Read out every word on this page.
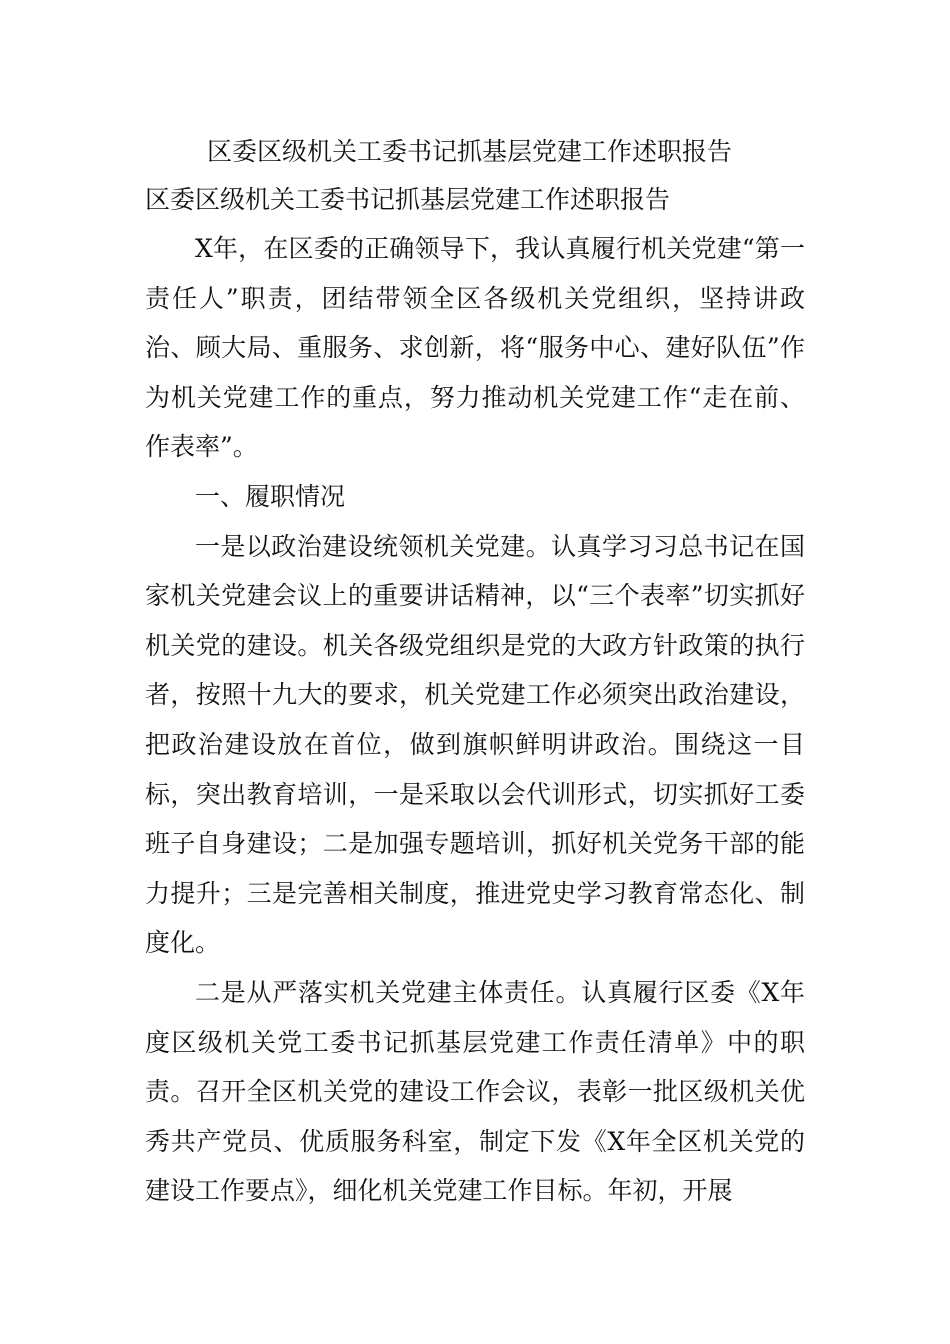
区委区级机关工委书记抓基层党建工作述职报告

区委区级机关工委书记抓基层党建工作述职报告

X年，在区委的正确领导下，我认真履行机关党建“第一责任人”职责，团结带领全区各级机关党组织，坚持讲政治、顾大局、重服务、求创新，将“服务中心、建好队伍”作为机关党建工作的重点，努力推动机关党建工作“走在前、作表率”。

一、履职情况

一是以政治建设统领机关党建。认真学习习总书记在国家机关党建会议上的重要讲话精神，以“三个表率”切实抓好机关党的建设。机关各级党组织是党的大政方针政策的执行者，按照十九大的要求，机关党建工作必须突出政治建设，把政治建设放在首位，做到旗帜鲜明讲政治。围绕这一目标，突出教育培训，一是采取以会代训形式，切实抓好工委班子自身建设；二是加强专题培训，抓好机关党务干部的能力提升；三是完善相关制度，推进党史学习教育常态化、制度化。

二是从严落实机关党建主体责任。认真履行区委《X年度区级机关党工委书记抓基层党建工作责任清单》中的职责。召开全区机关党的建设工作会议，表彰一批区级机关优秀共产党员、优质服务科室，制定下发《X年全区机关党的建设工作要点》，细化机关党建工作目标。年初，开展
